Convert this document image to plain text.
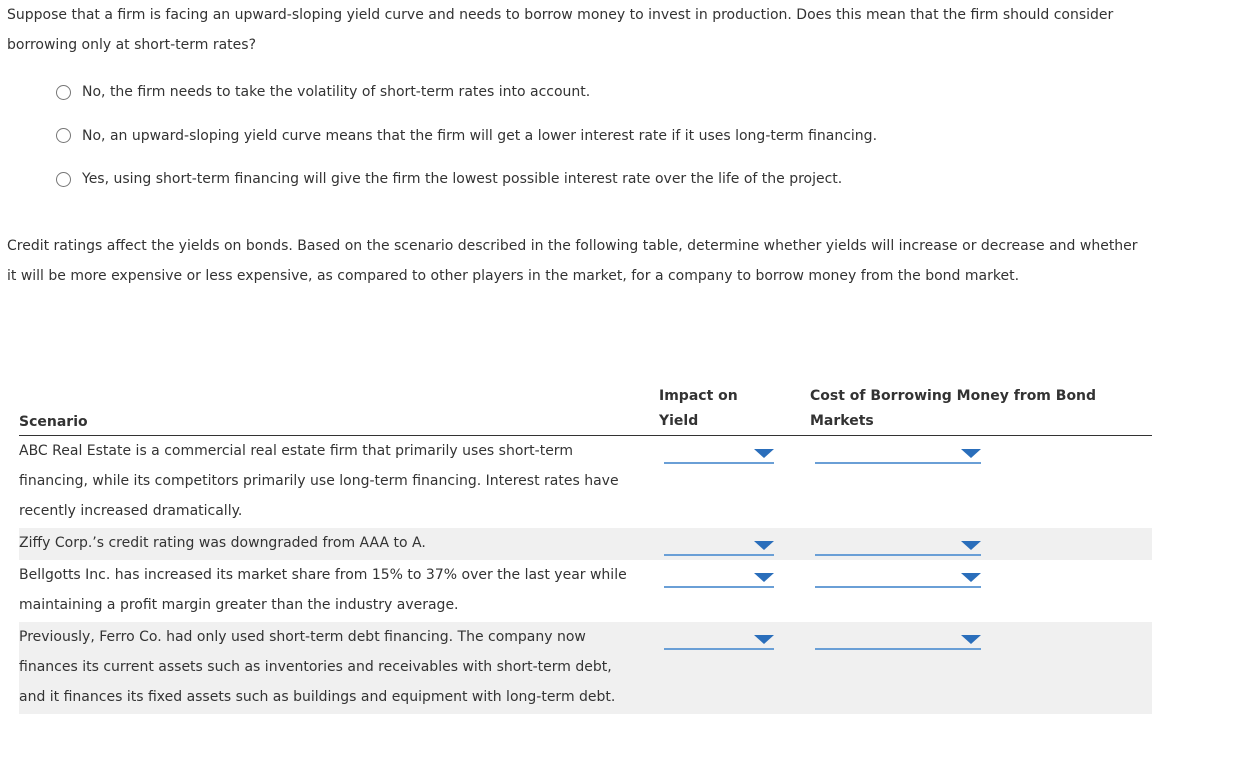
Suppose that a firm is facing an upward-sloping yield curve and needs to borrow money to invest in production. Does this mean that the firm should consider borrowing only at short-term rates?
No, the firm needs to take the volatility of short-term rates into account.
No, an upward-sloping yield curve means that the firm will get a lower interest rate if it uses long-term financing.
Yes, using short-term financing will give the firm the lowest possible interest rate over the life of the project.
Credit ratings affect the yields on bonds. Based on the scenario described in the following table, determine whether yields will increase or decrease and whether it will be more expensive or less expensive, as compared to other players in the market, for a company to borrow money from the bond market.
Scenario
Impact on Yield
Cost of Borrowing Money from Bond Markets
ABC Real Estate is a commercial real estate firm that primarily uses short-term financing, while its competitors primarily use long-term financing. Interest rates have recently increased dramatically.
Ziffy Corp.’s credit rating was downgraded from AAA to A.
Bellgotts Inc. has increased its market share from 15% to 37% over the last year while maintaining a profit margin greater than the industry average.
Previously, Ferro Co. had only used short-term debt financing. The company now finances its current assets such as inventories and receivables with short-term debt, and it finances its fixed assets such as buildings and equipment with long-term debt.
